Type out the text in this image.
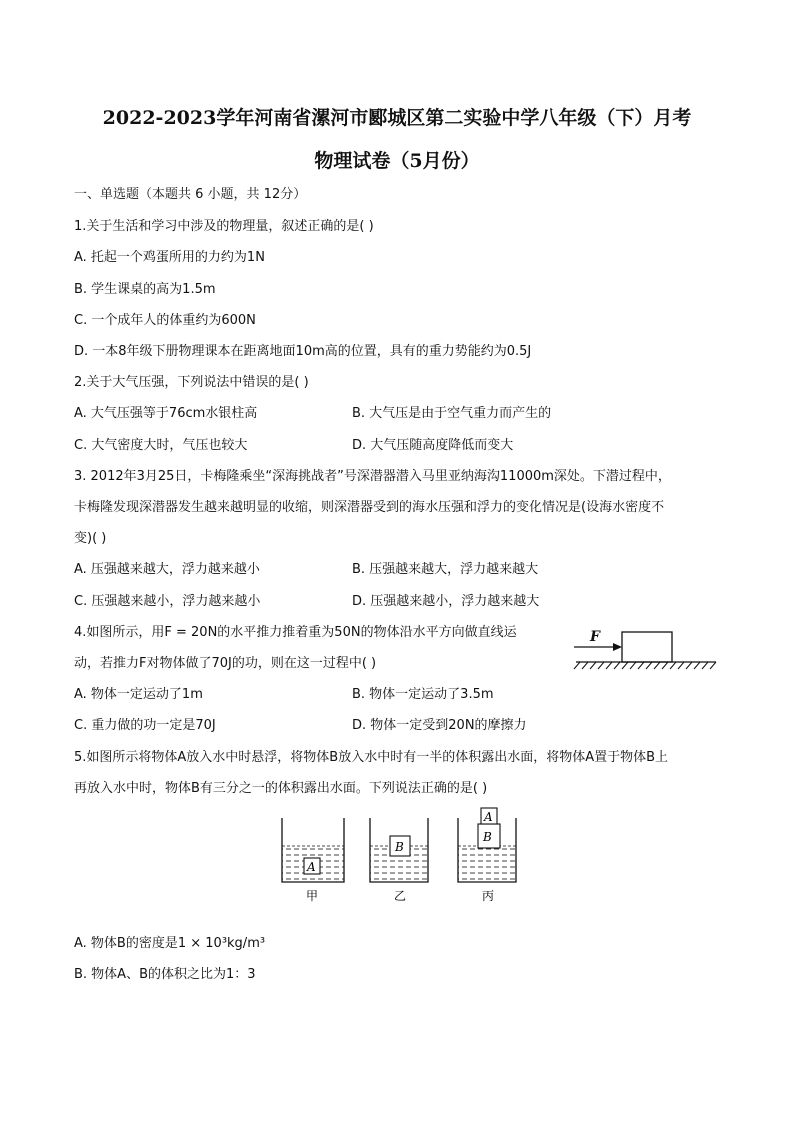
2022-2023学年河南省漯河市郾城区第二实验中学八年级（下）月考
物理试卷（5月份）
一、单选题（本题共 6 小题，共 12分）
1.关于生活和学习中涉及的物理量，叙述正确的是( )
A. 托起一个鸡蛋所用的力约为1N
B. 学生课桌的高为1.5m
C. 一个成年人的体重约为600N
D. 一本8年级下册物理课本在距离地面10m高的位置，具有的重力势能约为0.5J
2.关于大气压强，下列说法中错误的是( )
A. 大气压强等于76cm水银柱高	B. 大气压是由于空气重力而产生的
C. 大气密度大时，气压也较大	D. 大气压随高度降低而变大
3. 2012年3月25日，卡梅隆乘坐“深海挑战者”号深潜器潜入马里亚纳海沟11000m深处。下潜过程中，
卡梅隆发现深潜器发生越来越明显的收缩，则深潜器受到的海水压强和浮力的变化情况是(设海水密度不
变)( )
A. 压强越来越大，浮力越来越小	B. 压强越来越大，浮力越来越大
C. 压强越来越小，浮力越来越小	D. 压强越来越小，浮力越来越大
4.如图所示，用F = 20N的水平推力推着重为50N的物体沿水平方向做直线运
动，若推力F对物体做了70J的功，则在这一过程中( )
A. 物体一定运动了1m	B. 物体一定运动了3.5m
C. 重力做的功一定是70J	D. 物体一定受到20N的摩擦力
F
5.如图所示将物体A放入水中时悬浮，将物体B放入水中时有一半的体积露出水面，将物体A置于物体B上
再放入水中时，物体B有三分之一的体积露出水面。下列说法正确的是( )
A
甲
B
乙
B
A
丙
A. 物体B的密度是1 × 10³kg/m³
B. 物体A、B的体积之比为1：3
